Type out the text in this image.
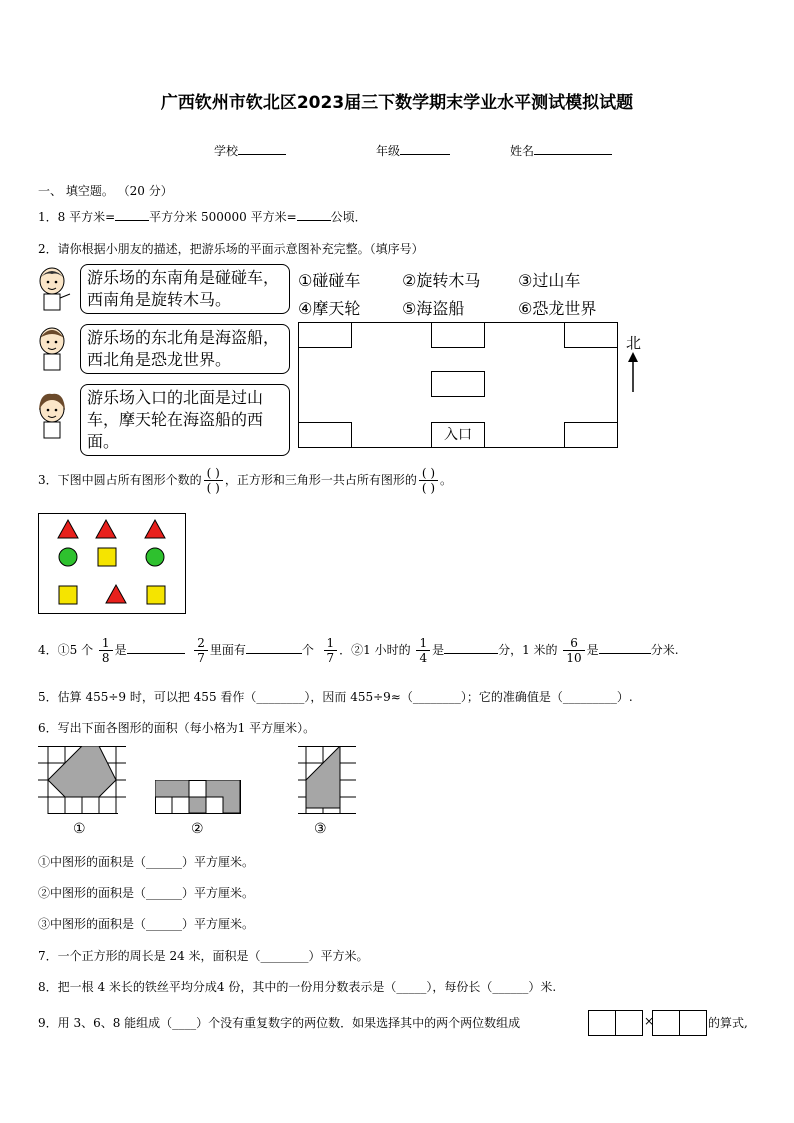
广西钦州市钦北区2023届三下数学期末学业水平测试模拟试题
学校	年级	姓名
一、 填空题。 （20 分）
1．8 平方米=	平方分米 500000 平方米=	公顷．
2．请你根据小朋友的描述，把游乐场的平面示意图补充完整。（填序号）
游乐场的东南角是碰碰车，西南角是旋转木马。
游乐场的东北角是海盗船，西北角是恐龙世界。
游乐场入口的北面是过山车，摩天轮在海盗船的西面。
①碰碰车	②旋转木马 ③过山车
④摩天轮	⑤海盗船	⑥恐龙世界
入口
北
3．下图中圆占所有图形个数的 $\frac{( )}{( )}$ ，正方形和三角形一共占所有图形的 $\frac{( )}{( )}$ 。
4．①5 个 $\frac{1}{8}$ 是	$\frac{2}{7}$ 里面有	个 $\frac{1}{7}$ ．②1 小时的 $\frac{1}{4}$ 是	分，1 米的 $\frac{6}{10}$ 是	分米.
5．估算 455÷9 时，可以把 455 看作（________），因而 455÷9≈（________）；它的准确值是（_________）.
6．写出下面各图形的面积（每小格为1 平方厘米）。
①	②	③
①中图形的面积是（______）平方厘米。
②中图形的面积是（______）平方厘米。
③中图形的面积是（______）平方厘米。
7．一个正方形的周长是 24 米，面积是（________）平方米。
8．把一根 4 米长的铁丝平均分成4 份，其中的一份用分数表示是（_____），每份长（______）米.
9．用 3、6、8 能组成（____）个没有重复数字的两位数．如果选择其中的两个两位数组成	×	的算式,
